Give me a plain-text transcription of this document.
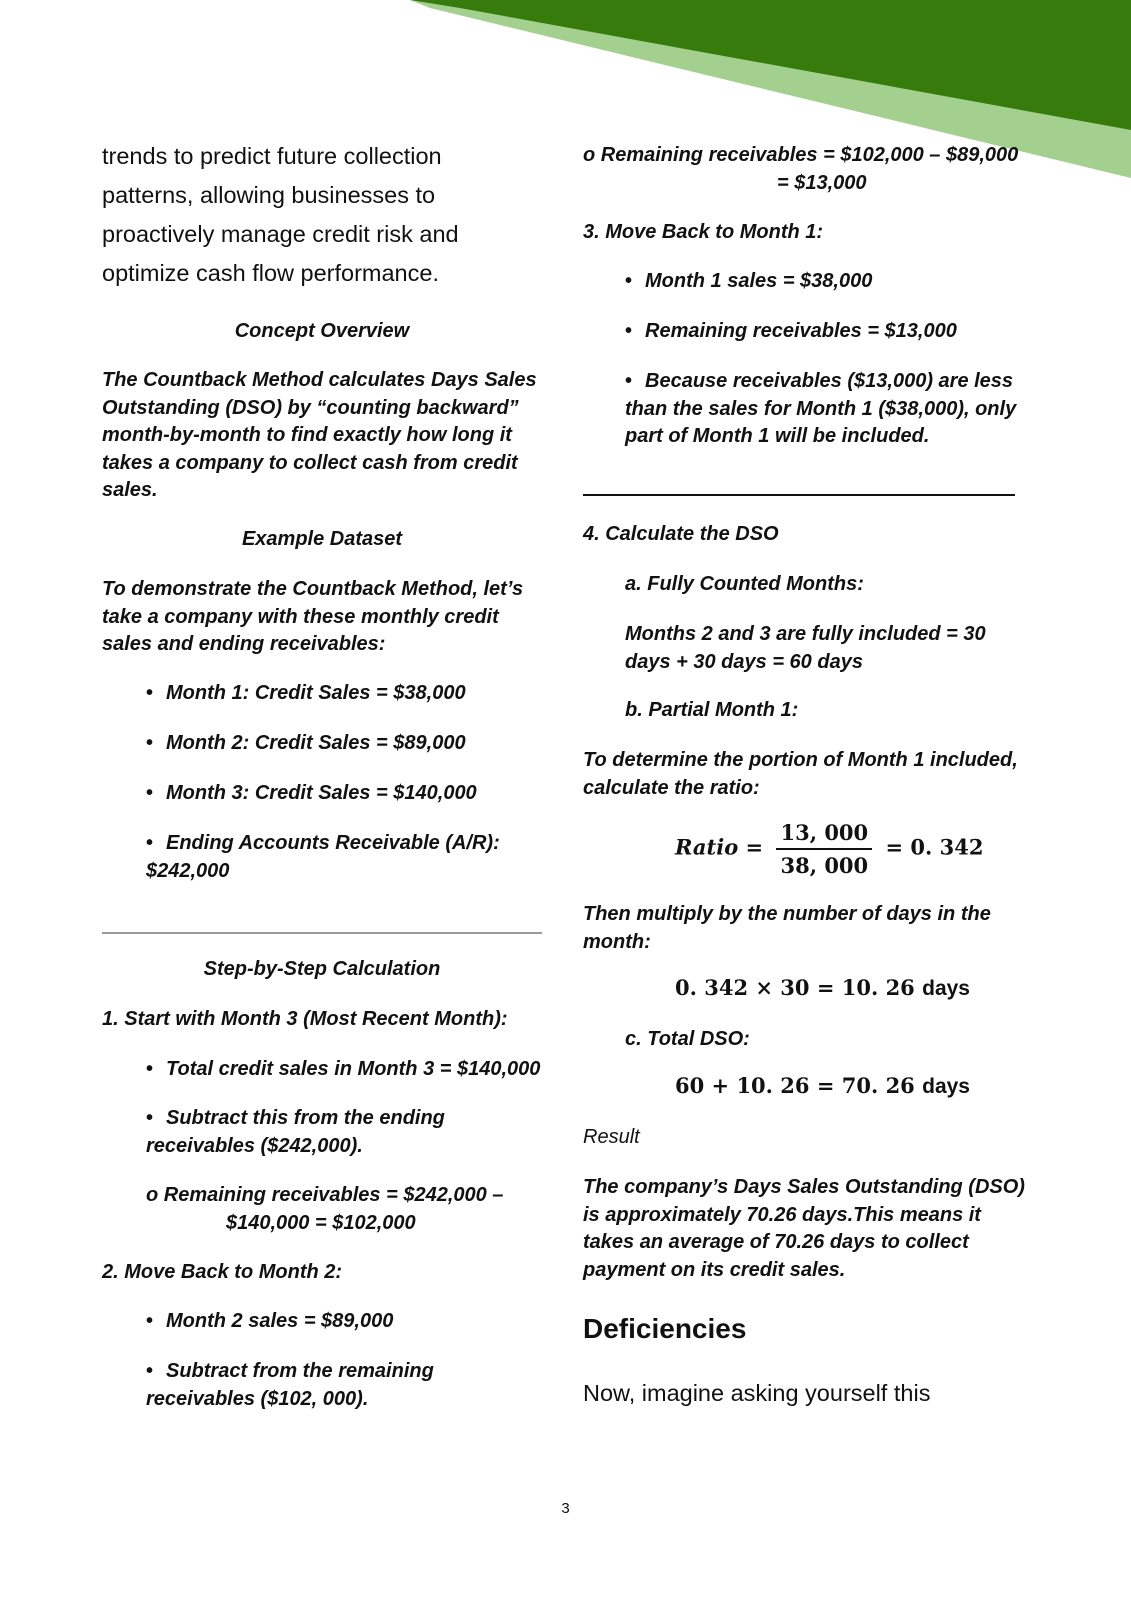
trends to predict future collection

patterns, allowing businesses to

proactively manage credit risk and

optimize cash flow performance.

Concept Overview

The Countback Method calculates Days Sales

Outstanding (DSO) by “counting backward”

month-by-month to find exactly how long it

takes a company to collect cash from credit

sales.

Example Dataset

To demonstrate the Countback Method, let’s

take a company with these monthly credit

sales and ending receivables:

• Month 1: Credit Sales = $38,000

• Month 2: Credit Sales = $89,000

• Month 3: Credit Sales = $140,000

• Ending Accounts Receivable (A/R):

$242,000

Step-by-Step Calculation

1. Start with Month 3 (Most Recent Month):

• Total credit sales in Month 3 = $140,000

• Subtract this from the ending

receivables ($242,000).

o Remaining receivables = $242,000 –

$140,000 = $102,000

2. Move Back to Month 2:

• Month 2 sales = $89,000

• Subtract from the remaining

receivables ($102, 000).

o Remaining receivables = $102,000 – $89,000

= $13,000

3. Move Back to Month 1:

• Month 1 sales = $38,000

• Remaining receivables = $13,000

• Because receivables ($13,000) are less

than the sales for Month 1 ($38,000), only

part of Month 1 will be included.

4. Calculate the DSO

a. Fully Counted Months:

Months 2 and 3 are fully included = 30

days + 30 days = 60 days

b. Partial Month 1:

To determine the portion of Month 1 included,

calculate the ratio:

Ratio = $\frac{13, 000}{38, 000} = 0$. 342

Then multiply by the number of days in the

month:

0. 342 × 30 = 10. 26 days

c. Total DSO:

60 + 10. 26 = 70. 26 days

Result

The company’s Days Sales Outstanding (DSO)

is approximately 70.26 days.This means it

takes an average of 70.26 days to collect

payment on its credit sales.

Deficiencies

Now, imagine asking yourself this

3
